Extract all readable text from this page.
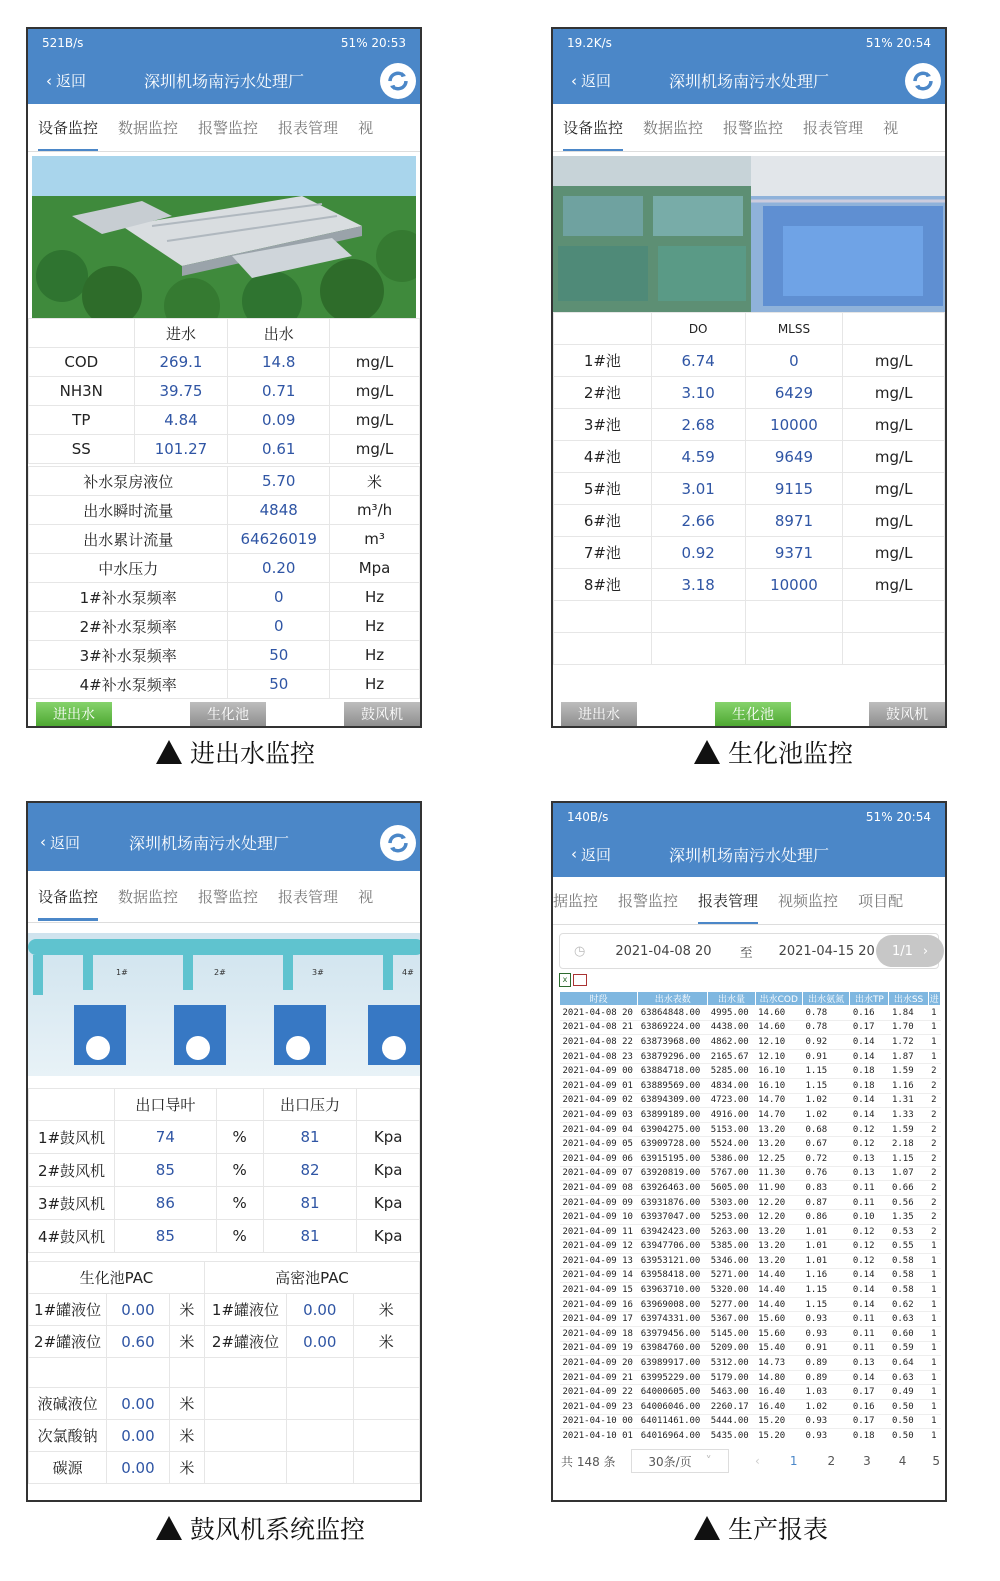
521B/s	51% 20:53
‹ 返回	深圳机场南污水处理厂
设备监控	数据监控	报警监控	报表管理	视
	进水	出水	
COD	269.1	14.8	mg/L
NH3N	39.75	0.71	mg/L
TP	4.84	0.09	mg/L
SS	101.27	0.61	mg/L
补水泵房液位	5.70	米
出水瞬时流量	4848	m³/h
出水累计流量	64626019	m³
中水压力	0.20	Mpa
1#补水泵频率	0	Hz
2#补水泵频率	0	Hz
3#补水泵频率	50	Hz
4#补水泵频率	50	Hz
进出水	生化池	鼓风机
进出水监控
19.2K/s	51% 20:54
‹ 返回	深圳机场南污水处理厂
设备监控	数据监控	报警监控	报表管理	视
	DO	MLSS	
1#池	6.74	0	mg/L
2#池	3.10	6429	mg/L
3#池	2.68	10000	mg/L
4#池	4.59	9649	mg/L
5#池	3.01	9115	mg/L
6#池	2.66	8971	mg/L
7#池	0.92	9371	mg/L
8#池	3.18	10000	mg/L

进出水	生化池	鼓风机
生化池监控
‹ 返回	深圳机场南污水处理厂
设备监控	数据监控	报警监控	报表管理	视
1#	2#	3#	4#
	出口导叶		出口压力	
1#鼓风机	74	%	81	Kpa
2#鼓风机	85	%	82	Kpa
3#鼓风机	86	%	81	Kpa
4#鼓风机	85	%	81	Kpa
生化池PAC			高密池PAC		
1#罐液位	0.00	米	1#罐液位	0.00	米
2#罐液位	0.60	米	2#罐液位	0.00	米

液碱液位	0.00	米			
次氯酸钠	0.00	米			
碳源	0.00	米			
鼓风机系统监控
140B/s	51% 20:54
‹ 返回	深圳机场南污水处理厂
据监控	报警监控	报表管理	视频监控	项目配
◷ 2021-04-08 20 至 2021-04-15 20 1/1 ›
x
时段	出水表数	出水量	出水COD	出水氨氮	出水TP	出水SS	进
2021-04-08 20	63864848.00	4995.00	14.60	0.78	0.16	1.84	1
2021-04-08 21	63869224.00	4438.00	14.60	0.78	0.17	1.70	1
2021-04-08 22	63873968.00	4862.00	12.10	0.92	0.14	1.72	1
2021-04-08 23	63879296.00	2165.67	12.10	0.91	0.14	1.87	1
2021-04-09 00	63884718.00	5285.00	16.10	1.15	0.18	1.59	2
2021-04-09 01	63889569.00	4834.00	16.10	1.15	0.18	1.16	2
2021-04-09 02	63894309.00	4723.00	14.70	1.02	0.14	1.31	2
2021-04-09 03	63899189.00	4916.00	14.70	1.02	0.14	1.33	2
2021-04-09 04	63904275.00	5153.00	13.20	0.68	0.12	1.59	2
2021-04-09 05	63909728.00	5524.00	13.20	0.67	0.12	2.18	2
2021-04-09 06	63915195.00	5386.00	12.25	0.72	0.13	1.15	2
2021-04-09 07	63920819.00	5767.00	11.30	0.76	0.13	1.07	2
2021-04-09 08	63926463.00	5605.00	11.90	0.83	0.11	0.66	2
2021-04-09 09	63931876.00	5303.00	12.20	0.87	0.11	0.56	2
2021-04-09 10	63937047.00	5253.00	12.20	0.86	0.10	1.35	2
2021-04-09 11	63942423.00	5263.00	13.20	1.01	0.12	0.53	2
2021-04-09 12	63947706.00	5385.00	13.20	1.01	0.12	0.55	1
2021-04-09 13	63953121.00	5346.00	13.20	1.01	0.12	0.58	1
2021-04-09 14	63958418.00	5271.00	14.40	1.16	0.14	0.58	1
2021-04-09 15	63963710.00	5320.00	14.40	1.15	0.14	0.58	1
2021-04-09 16	63969008.00	5277.00	14.40	1.15	0.14	0.62	1
2021-04-09 17	63974331.00	5367.00	15.60	0.93	0.11	0.63	1
2021-04-09 18	63979456.00	5145.00	15.60	0.93	0.11	0.60	1
2021-04-09 19	63984760.00	5209.00	15.40	0.91	0.11	0.59	1
2021-04-09 20	63989917.00	5312.00	14.73	0.89	0.13	0.64	1
2021-04-09 21	63995229.00	5179.00	14.80	0.89	0.14	0.63	1
2021-04-09 22	64000605.00	5463.00	16.40	1.03	0.17	0.49	1
2021-04-09 23	64006046.00	2260.17	16.40	1.02	0.16	0.50	1
2021-04-10 00	64011461.00	5444.00	15.20	0.93	0.17	0.50	1
2021-04-10 01	64016964.00	5435.00	15.20	0.93	0.18	0.50	1
共 148 条	30条/页 ˅	‹	1	2 3 4 5
生产报表
